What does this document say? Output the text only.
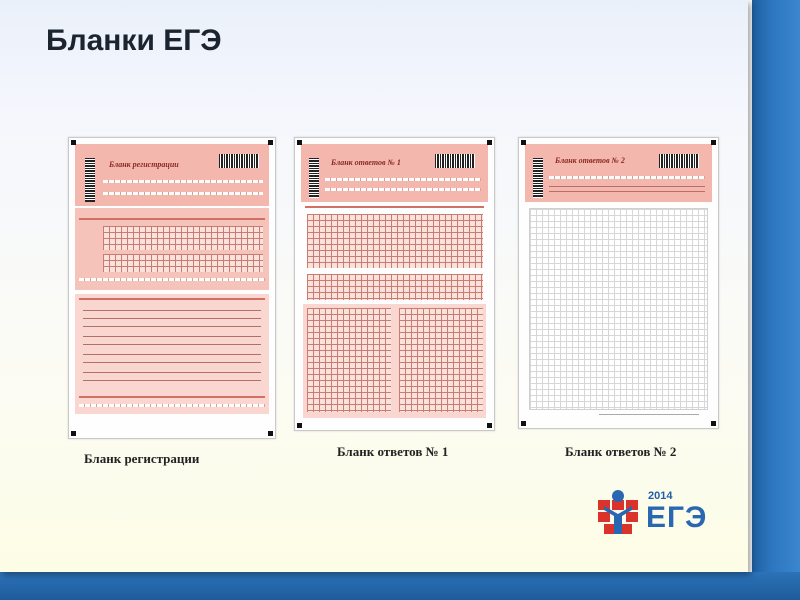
Бланки ЕГЭ
Бланк регистрации	Бланк ответов № 1	Бланк ответов № 2
Бланк регистрации	Бланк ответов № 1	Бланк ответов № 2
2014
ЕГЭ
